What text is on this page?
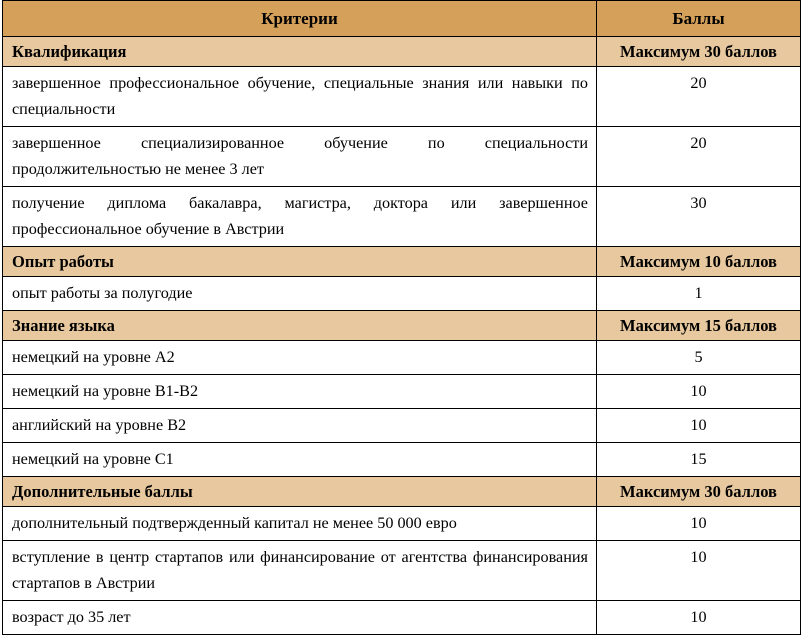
Критерии	Баллы

Квалификация	Максимум 30 баллов

завершенное профессиональное обучение, специальные знания или навыки по специальности	20

завершенное специализированное обучение по специальности продолжительностью не менее 3 лет	20

получение диплома бакалавра, магистра, доктора или завершенное профессиональное обучение в Австрии	30

Опыт работы	Максимум 10 баллов

опыт работы за полугодие	1

Знание языка	Максимум 15 баллов

немецкий на уровне А2	5

немецкий на уровне В1-В2	10

английский на уровне В2	10

немецкий на уровне С1	15

Дополнительные баллы	Максимум 30 баллов

дополнительный подтвержденный капитал не менее 50 000 евро	10

вступление в центр стартапов или финансирование от агентства финансирования стартапов в Австрии	10

возраст до 35 лет	10
